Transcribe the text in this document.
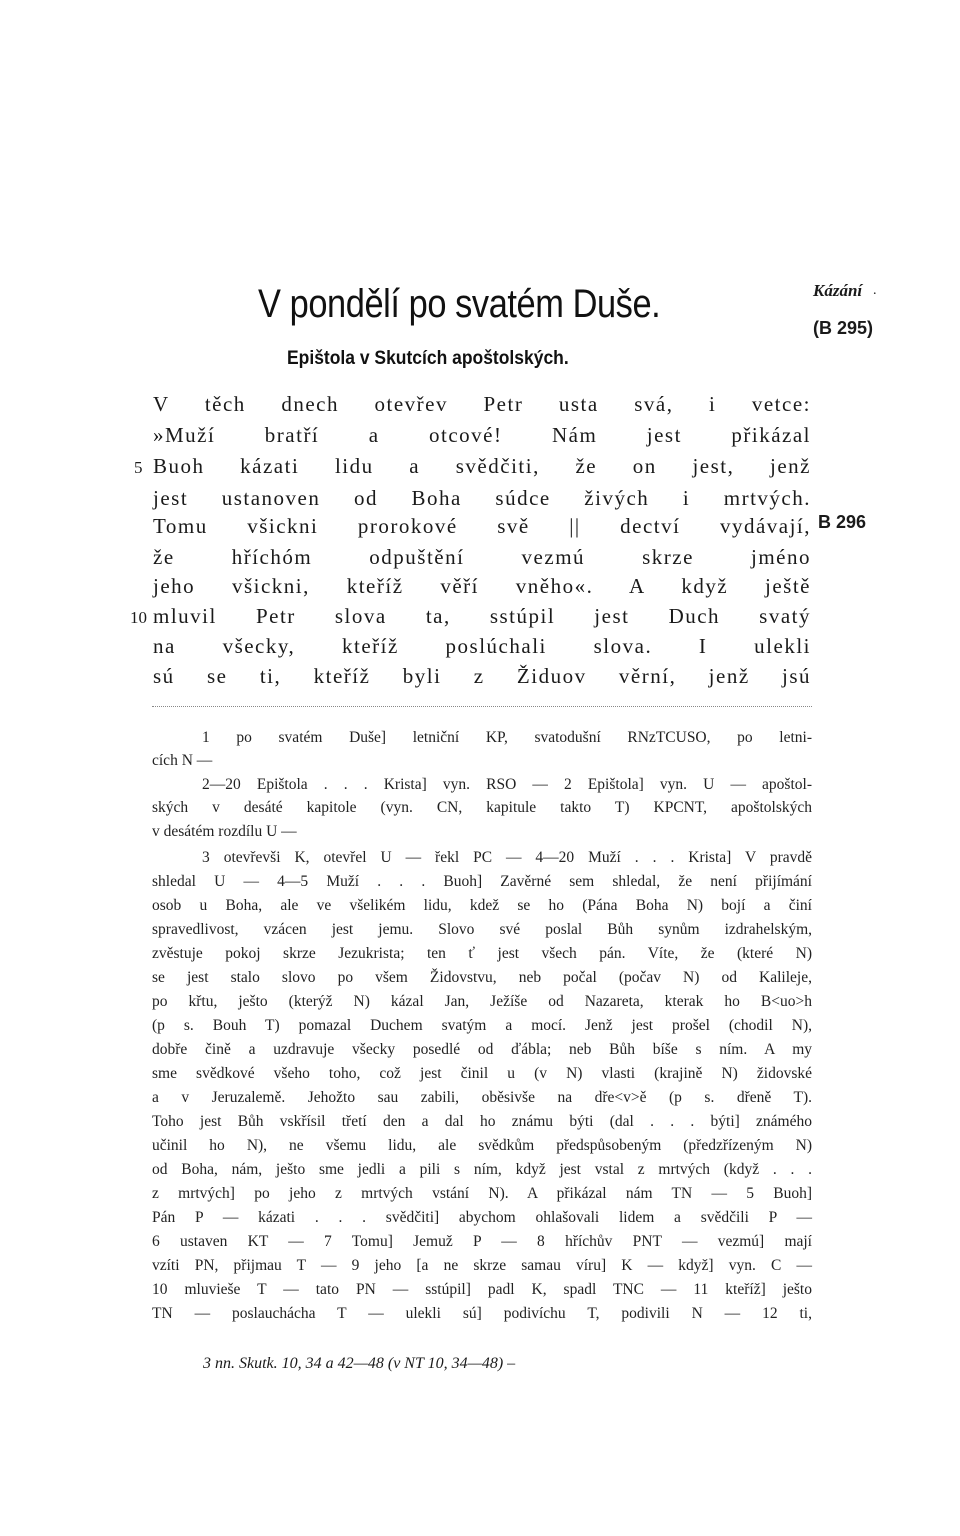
V pondělí po svatém Duše.
Epištola v Skutcích apoštolských.
Kázání .
(B 295)
B 296
V těch dnech otevřev Petr usta svá, i vetce:
»Muží bratří a otcové! Nám jest přikázal
5 Buoh kázati lidu a svědčiti, že on jest, jenž
jest ustanoven od Boha súdce živých i mrtvých.
Tomu všickni prorokové svě || dectví vydávají,
že hříchóm odpuštění vezmú skrze jméno
jeho všickni, kteříž věří vněho«. A když ještě
10 mluvil Petr slova ta, sstúpil jest Duch svatý
na všecky, kteříž poslúchali slova. I ulekli
sú se ti, kteříž byli z Židuov věrní, jenž jsú
1 po svatém Duše] letniční KP, svatodušní RNzTCUSO, po letni-
cích N —
2—20 Epištola . . . Krista] vyn. RSO — 2 Epištola] vyn. U — apoštol-
ských v desáté kapitole (vyn. CN, kapitule takto T) KPCNT, apoštolských
v desátém rozdílu U —
3 otevřevši K, otevřel U — řekl PC — 4—20 Muží . . . Krista] V pravdě
shledal U — 4—5 Muží . . . Buoh] Zavěrné sem shledal, že není přijímání
osob u Boha, ale ve všelikém lidu, kdež se ho (Pána Boha N) bojí a činí
spravedlivost, vzácen jest jemu. Slovo své poslal Bůh synům izdrahelským,
zvěstuje pokoj skrze Jezukrista; ten ť jest všech pán. Víte, že (které N)
se jest stalo slovo po všem Židovstvu, neb počal (počav N) od Kalileje,
po křtu, ješto (kterýž N) kázal Jan, Ježíše od Nazareta, kterak ho B<uo>h
(p s. Bouh T) pomazal Duchem svatým a mocí. Jenž jest prošel (chodil N),
dobře čině a uzdravuje všecky posedlé od ďábla; neb Bůh bíše s ním. A my
sme svědkové všeho toho, což jest činil u (v N) vlasti (krajině N) židovské
a v Jeruzalemě. Jehožto sau zabili, oběsivše na dře<v>ě (p s. dřeně T).
Toho jest Bůh vskřísil třetí den a dal ho známu býti (dal . . . býti] známého
učinil ho N), ne všemu lidu, ale svědkům předspůsobeným (předzřízeným N)
od Boha, nám, ješto sme jedli a pili s ním, když jest vstal z mrtvých (když . . .
z mrtvých] po jeho z mrtvých vstání N). A přikázal nám TN — 5 Buoh]
Pán P — kázati . . . svědčiti] abychom ohlašovali lidem a svědčili P —
6 ustaven KT — 7 Tomu] Jemuž P — 8 hříchův PNT — vezmú] mají
vzíti PN, přijmau T — 9 jeho [a ne skrze samau víru] K — když] vyn. C —
10 mluvieše T — tato PN — sstúpil] padl K, spadl TNC — 11 kteříž] ješto
TN — poslauchácha T — ulekli sú] podivíchu T, podivili N — 12 ti,
3 nn. Skutk. 10, 34 a 42—48 (v NT 10, 34—48) –
